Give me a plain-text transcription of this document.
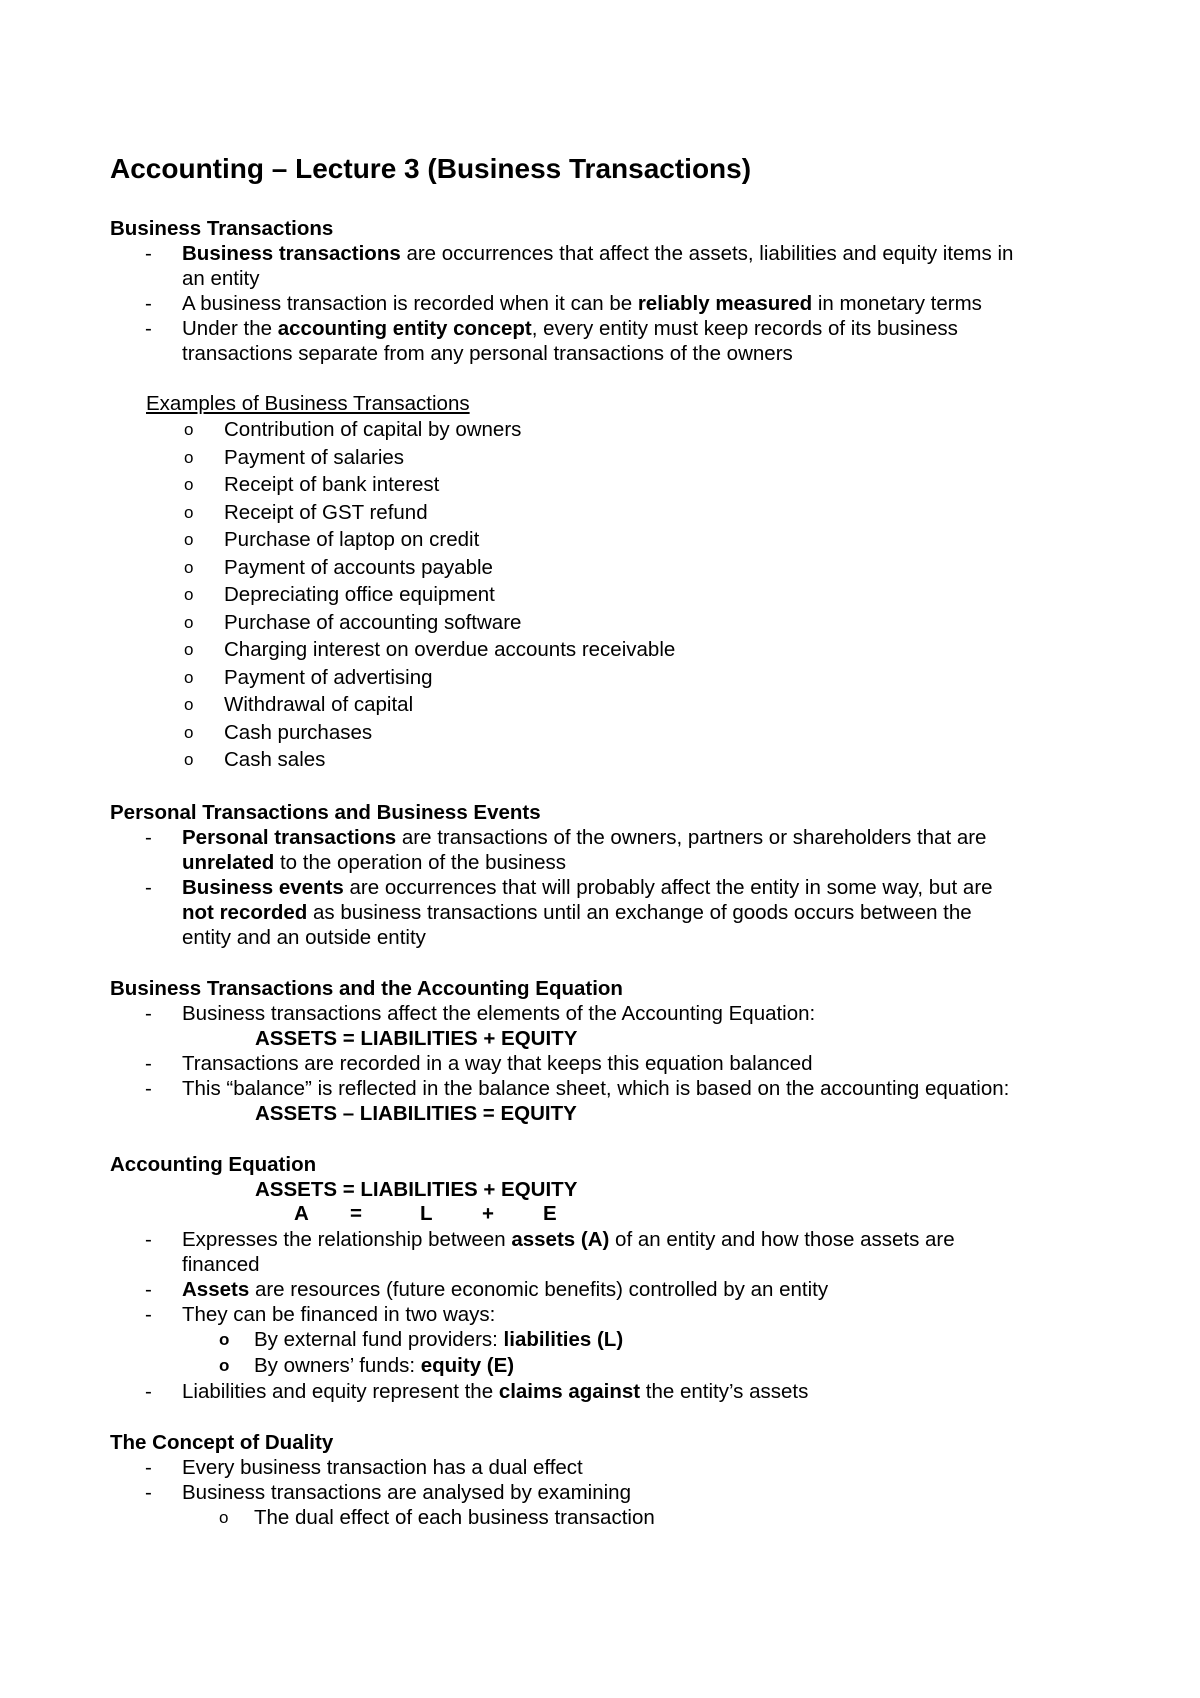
Accounting – Lecture 3 (Business Transactions)
Business Transactions
- Business transactions are occurrences that affect the assets, liabilities and equity items in
an entity
- A business transaction is recorded when it can be reliably measured in monetary terms
- Under the accounting entity concept, every entity must keep records of its business
transactions separate from any personal transactions of the owners
Examples of Business Transactions
o Contribution of capital by owners
o Payment of salaries
o Receipt of bank interest
o Receipt of GST refund
o Purchase of laptop on credit
o Payment of accounts payable
o Depreciating office equipment
o Purchase of accounting software
o Charging interest on overdue accounts receivable
o Payment of advertising
o Withdrawal of capital
o Cash purchases
o Cash sales
Personal Transactions and Business Events
- Personal transactions are transactions of the owners, partners or shareholders that are
unrelated to the operation of the business
- Business events are occurrences that will probably affect the entity in some way, but are
not recorded as business transactions until an exchange of goods occurs between the
entity and an outside entity
Business Transactions and the Accounting Equation
- Business transactions affect the elements of the Accounting Equation:
ASSETS = LIABILITIES + EQUITY
- Transactions are recorded in a way that keeps this equation balanced
- This “balance” is reflected in the balance sheet, which is based on the accounting equation:
ASSETS – LIABILITIES = EQUITY
Accounting Equation
ASSETS = LIABILITIES + EQUITY
A =	L + E
- Expresses the relationship between assets (A) of an entity and how those assets are
financed
- Assets are resources (future economic benefits) controlled by an entity
- They can be financed in two ways:
o By external fund providers: liabilities (L)
o By owners’ funds: equity (E)
- Liabilities and equity represent the claims against the entity’s assets
The Concept of Duality
- Every business transaction has a dual effect
- Business transactions are analysed by examining
o The dual effect of each business transaction
